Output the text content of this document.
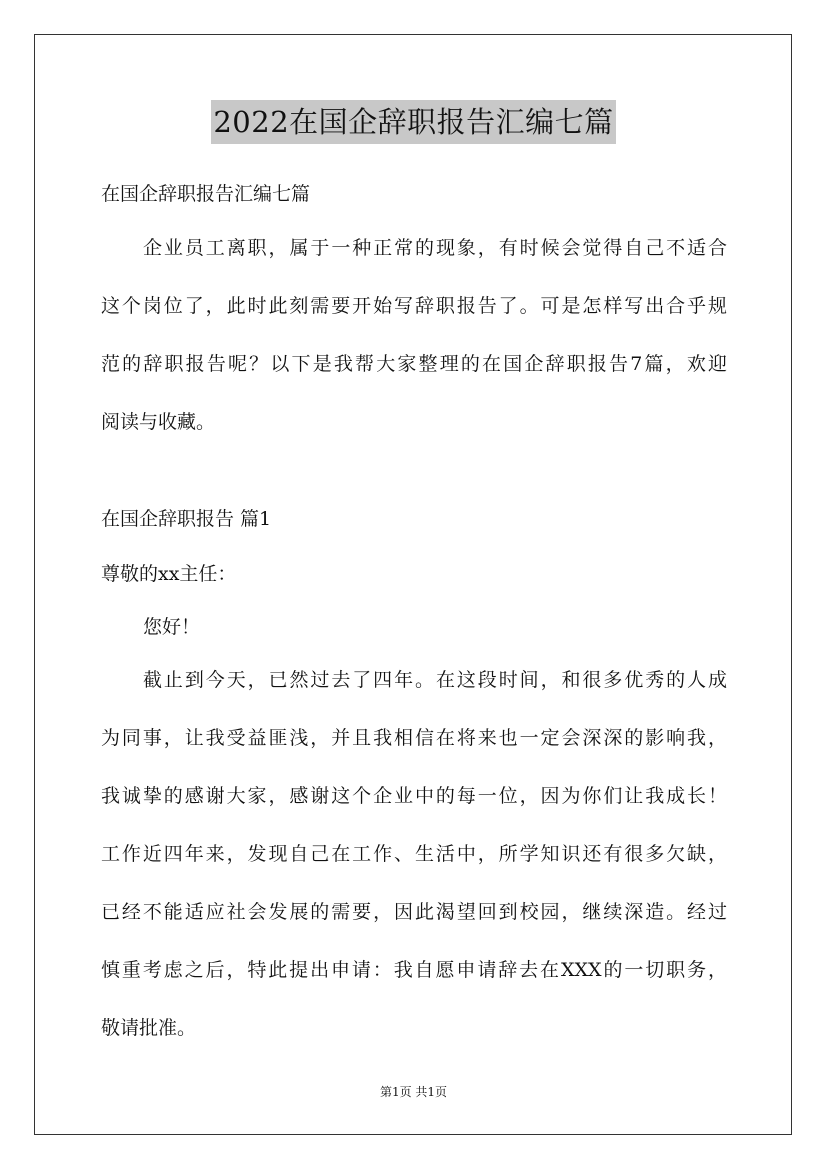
2022在国企辞职报告汇编七篇
在国企辞职报告汇编七篇
企业员工离职，属于一种正常的现象，有时候会觉得自己不适合
这个岗位了，此时此刻需要开始写辞职报告了。可是怎样写出合乎规
范的辞职报告呢？以下是我帮大家整理的在国企辞职报告7篇，欢迎
阅读与收藏。
在国企辞职报告 篇1
尊敬的xx主任：
您好！
截止到今天，已然过去了四年。在这段时间，和很多优秀的人成
为同事，让我受益匪浅，并且我相信在将来也一定会深深的影响我，
我诚挚的感谢大家，感谢这个企业中的每一位，因为你们让我成长！
工作近四年来，发现自己在工作、生活中，所学知识还有很多欠缺，
已经不能适应社会发展的需要，因此渴望回到校园，继续深造。经过
慎重考虑之后，特此提出申请：我自愿申请辞去在XXX的一切职务，
敬请批准。
第1页 共1页
